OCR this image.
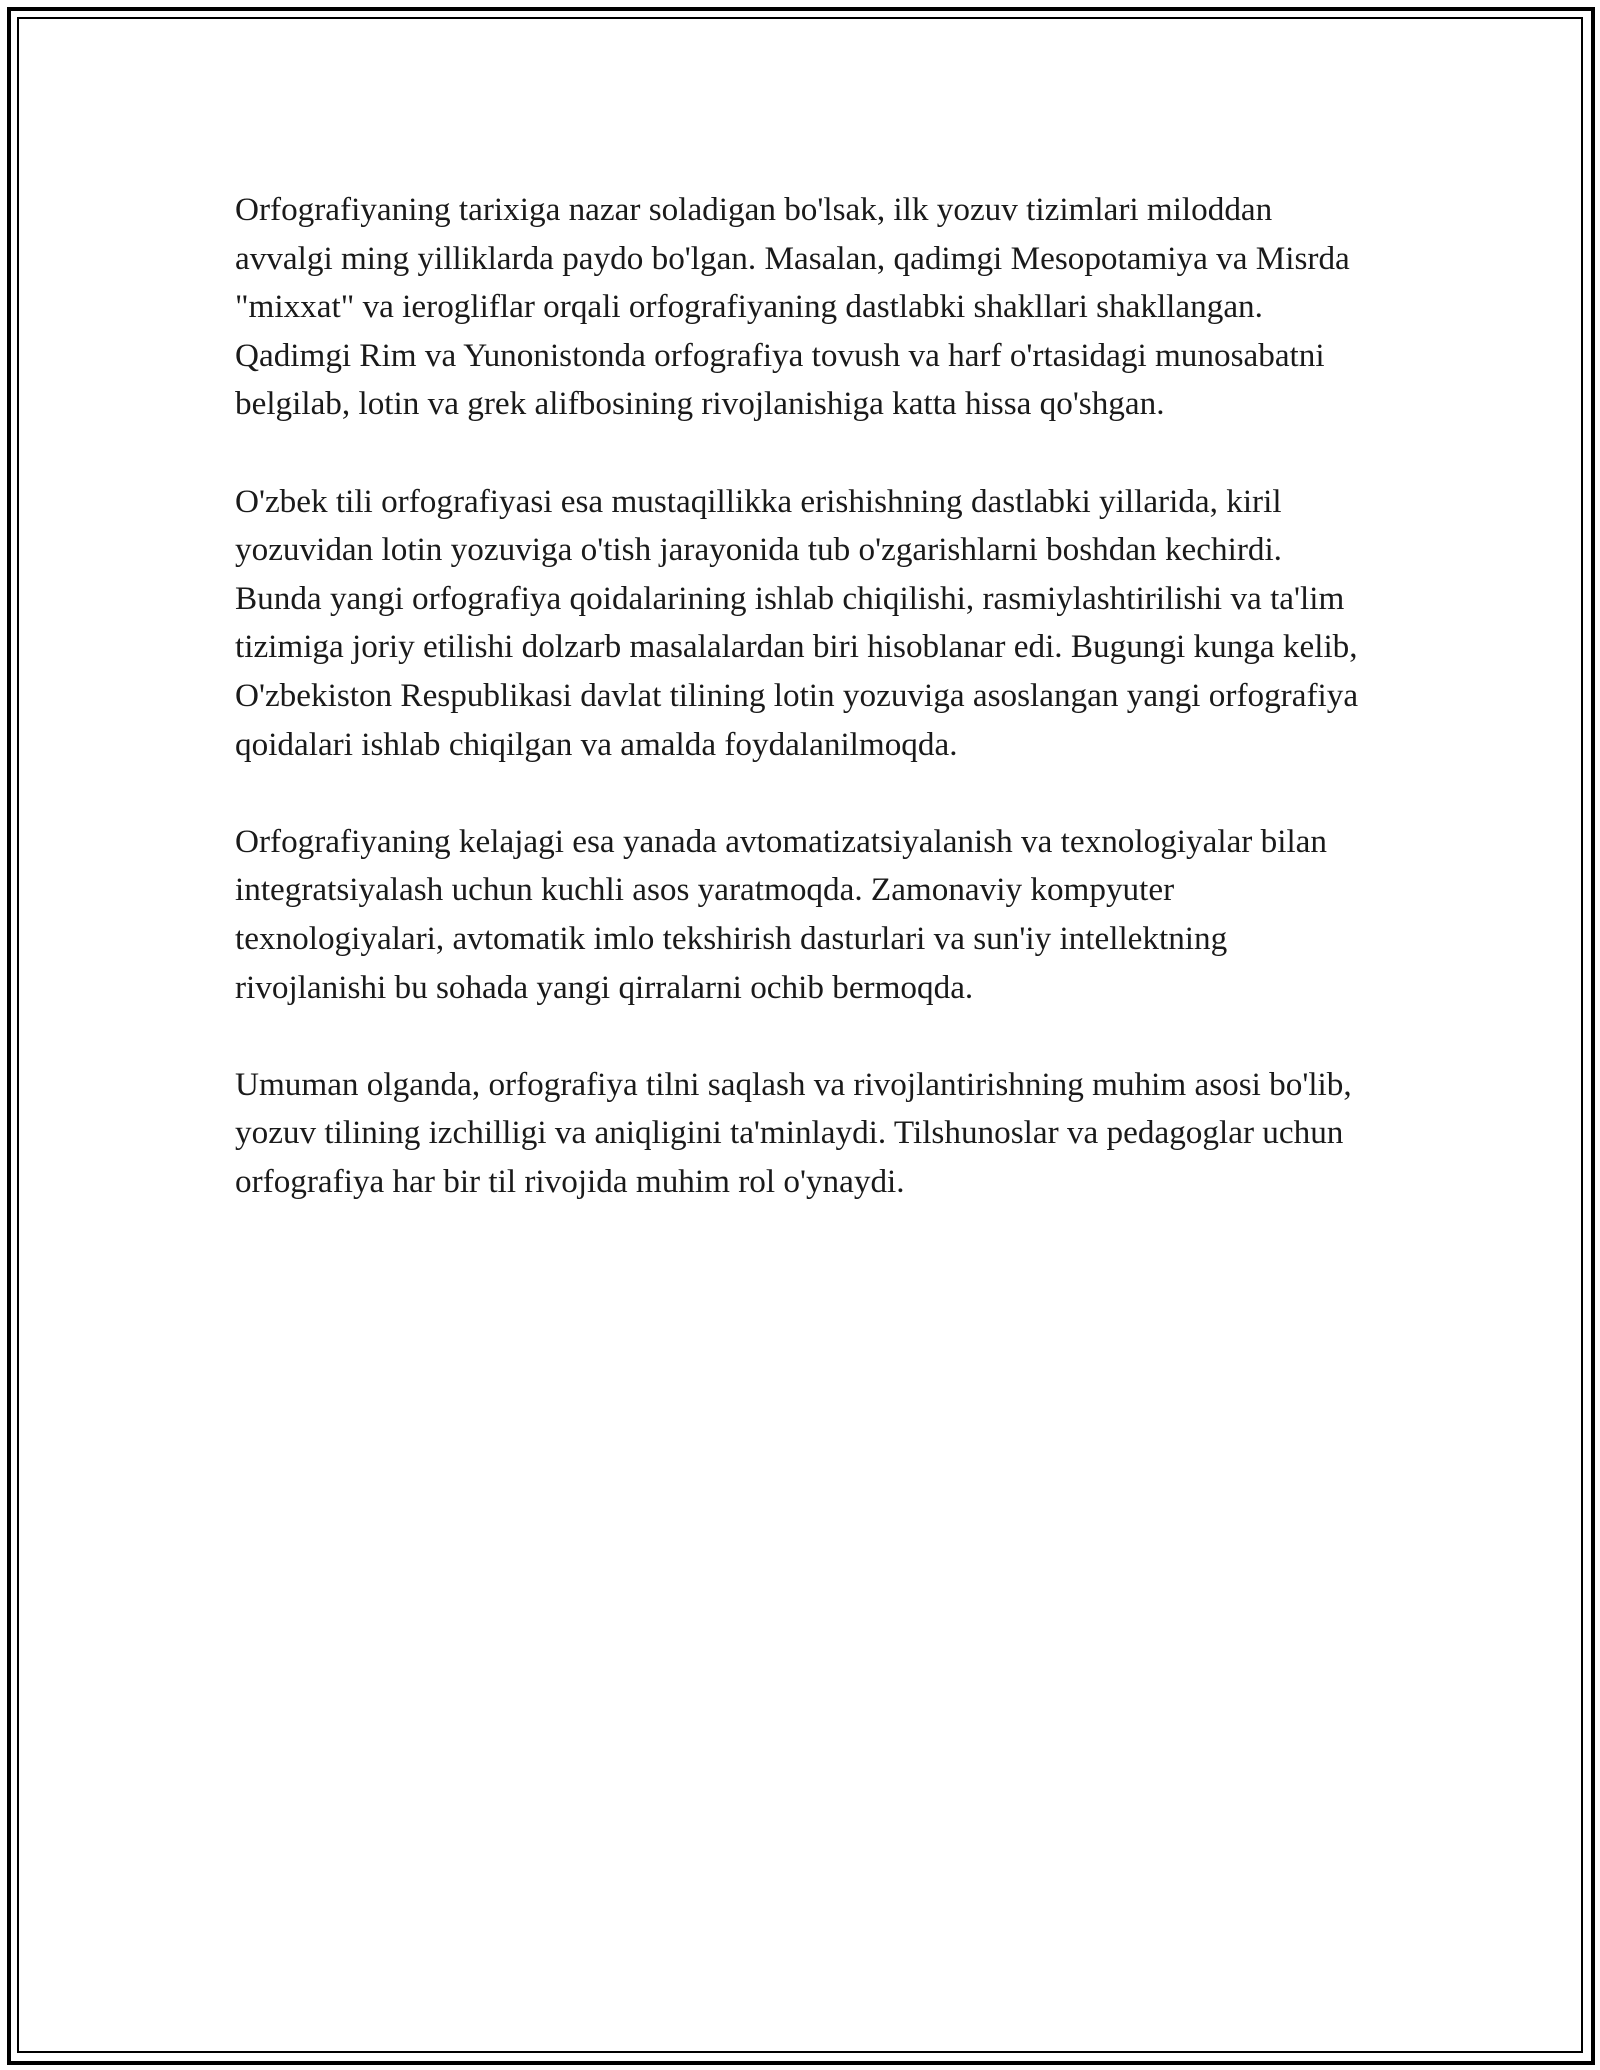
Orfografiyaning tarixiga nazar soladigan bo'lsak, ilk yozuv tizimlari miloddan avvalgi ming yilliklarda paydo bo'lgan. Masalan, qadimgi Mesopotamiya va Misrda "mixxat" va ierogliflar orqali orfografiyaning dastlabki shakllari shakllangan. Qadimgi Rim va Yunonistonda orfografiya tovush va harf o'rtasidagi munosabatni belgilab, lotin va grek alifbosining rivojlanishiga katta hissa qo'shgan.

O'zbek tili orfografiyasi esa mustaqillikka erishishning dastlabki yillarida, kiril yozuvidan lotin yozuviga o'tish jarayonida tub o'zgarishlarni boshdan kechirdi. Bunda yangi orfografiya qoidalarining ishlab chiqilishi, rasmiylashtirilishi va ta'lim tizimiga joriy etilishi dolzarb masalalardan biri hisoblanar edi. Bugungi kunga kelib, O'zbekiston Respublikasi davlat tilining lotin yozuviga asoslangan yangi orfografiya qoidalari ishlab chiqilgan va amalda foydalanilmoqda.

Orfografiyaning kelajagi esa yanada avtomatizatsiyalanish va texnologiyalar bilan integratsiyalash uchun kuchli asos yaratmoqda. Zamonaviy kompyuter texnologiyalari, avtomatik imlo tekshirish dasturlari va sun'iy intellektning rivojlanishi bu sohada yangi qirralarni ochib bermoqda.

Umuman olganda, orfografiya tilni saqlash va rivojlantirishning muhim asosi bo'lib, yozuv tilining izchilligi va aniqligini ta'minlaydi. Tilshunoslar va pedagoglar uchun orfografiya har bir til rivojida muhim rol o'ynaydi.
